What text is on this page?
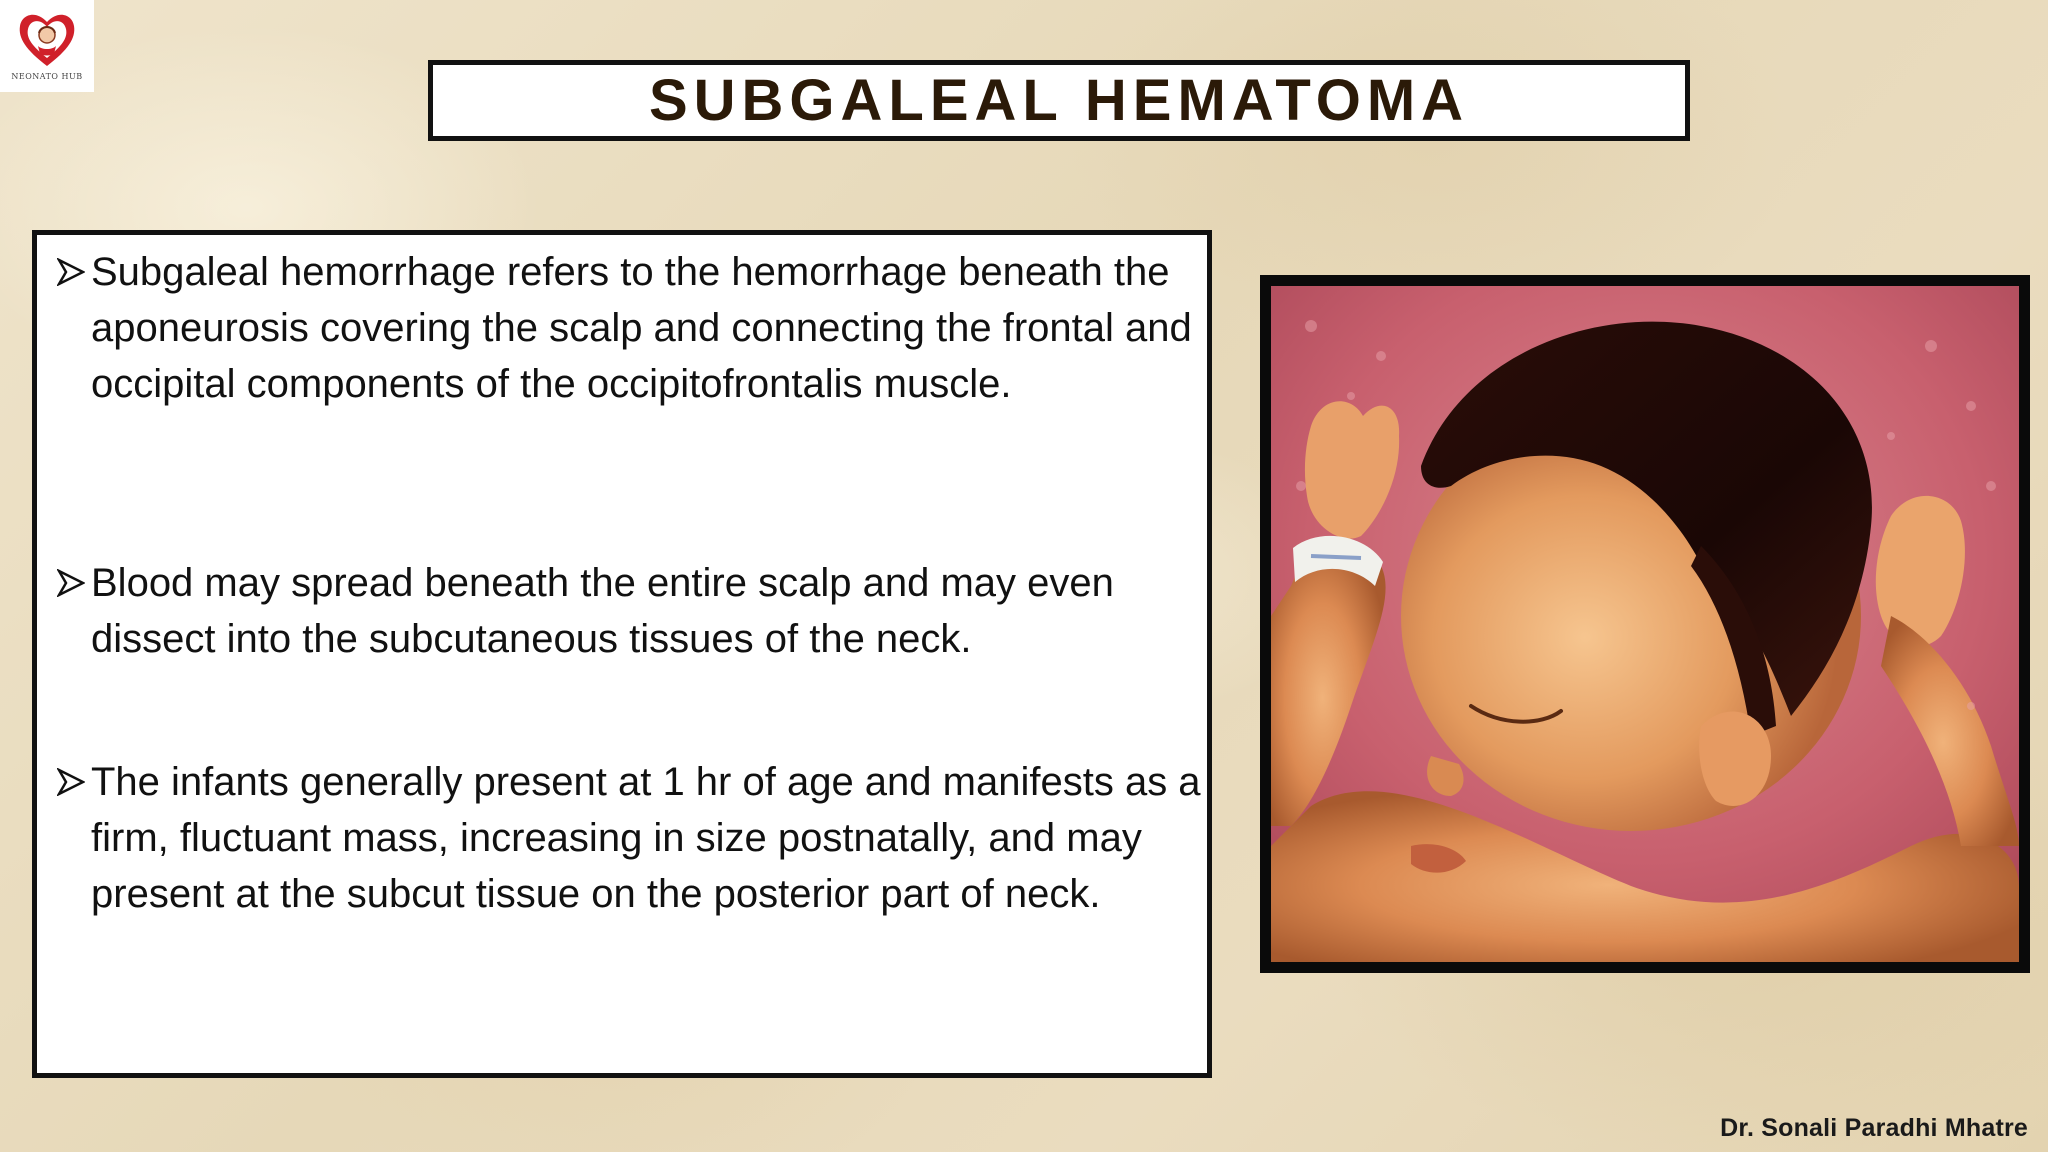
NEONATO HUB	SUBGALEAL HEMATOMA
Subgaleal hemorrhage refers to the hemorrhage beneath the aponeurosis covering the scalp and connecting the frontal and occipital components of the occipitofrontalis muscle.
Blood may spread beneath the entire scalp and may even dissect into the subcutaneous tissues of the neck.
The infants generally present at 1 hr of age and manifests as a firm, fluctuant mass, increasing in size postnatally, and may present at the subcut tissue on the posterior part of neck.
Dr. Sonali Paradhi Mhatre
